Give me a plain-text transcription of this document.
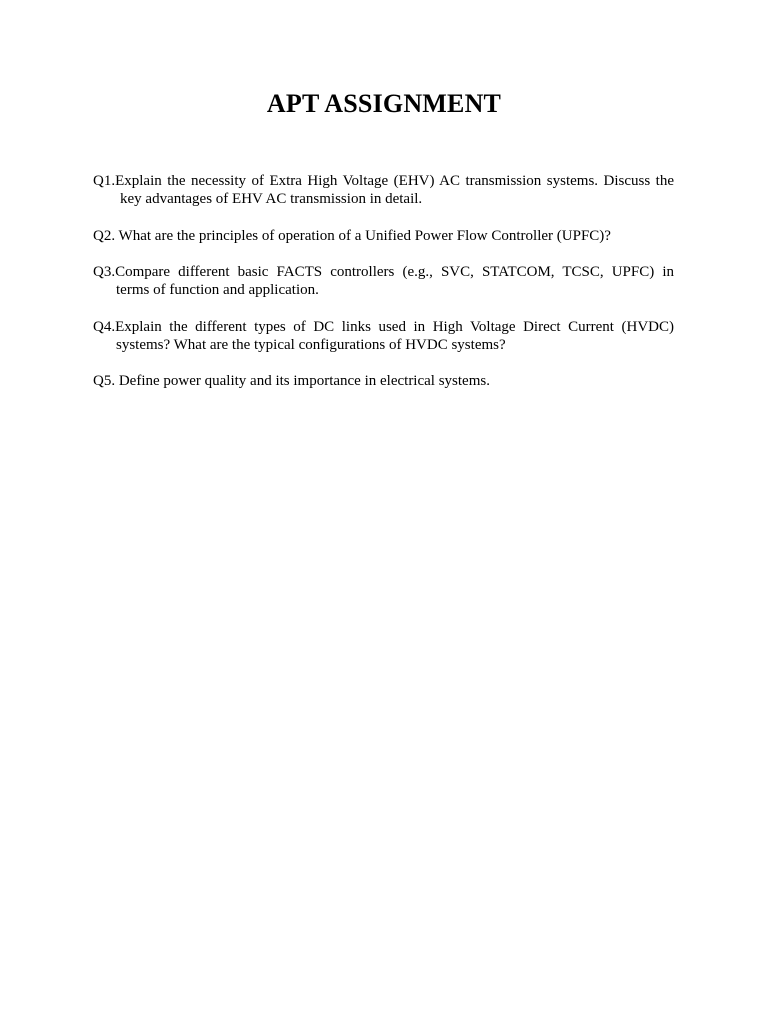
APT ASSIGNMENT

Q1.Explain the necessity of Extra High Voltage (EHV) AC transmission systems. Discuss the
key advantages of EHV AC transmission in detail.

Q2. What are the principles of operation of a Unified Power Flow Controller (UPFC)?

Q3.Compare different basic FACTS controllers (e.g., SVC, STATCOM, TCSC, UPFC) in
terms of function and application.

Q4.Explain the different types of DC links used in High Voltage Direct Current (HVDC)
systems? What are the typical configurations of HVDC systems?

Q5. Define power quality and its importance in electrical systems.
